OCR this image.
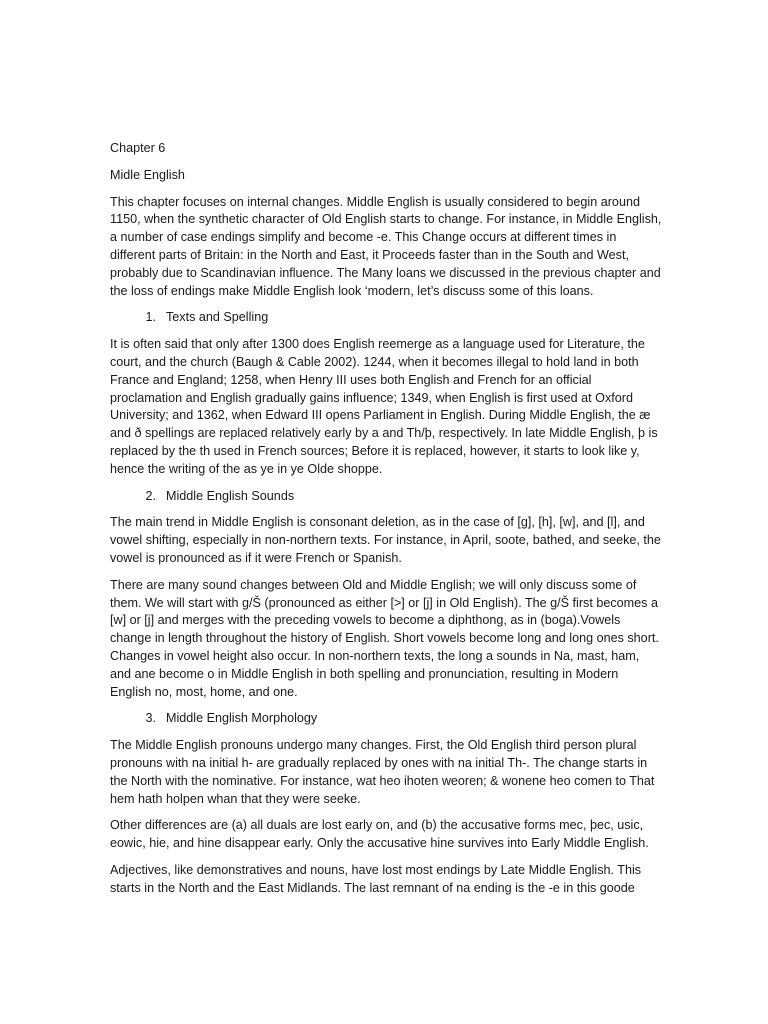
Chapter 6

Midle English

This chapter focuses on internal changes. Middle English is usually considered to begin around 1150, when the synthetic character of Old English starts to change. For instance, in Middle English, a number of case endings simplify and become -e. This Change occurs at different times in different parts of Britain: in the North and East, it Proceeds faster than in the South and West, probably due to Scandinavian influence. The Many loans we discussed in the previous chapter and the loss of endings make Middle English look ‘modern, let’s discuss some of this loans.

1. Texts and Spelling

It is often said that only after 1300 does English reemerge as a language used for Literature, the court, and the church (Baugh & Cable 2002). 1244, when it becomes illegal to hold land in both France and England; 1258, when Henry III uses both English and French for an official proclamation and English gradually gains influence; 1349, when English is first used at Oxford University; and 1362, when Edward III opens Parliament in English. During Middle English, the æ and ð spellings are replaced relatively early by a and Th/þ, respectively. In late Middle English, þ is replaced by the th used in French sources; Before it is replaced, however, it starts to look like y, hence the writing of the as ye in ye Olde shoppe.

2. Middle English Sounds

The main trend in Middle English is consonant deletion, as in the case of [g], [h], [w], and [l], and vowel shifting, especially in non-northern texts. For instance, in April, soote, bathed, and seeke, the vowel is pronounced as if it were French or Spanish.

There are many sound changes between Old and Middle English; we will only discuss some of them. We will start with g/Š (pronounced as either [>] or [j] in Old English). The g/Š first becomes a [w] or [j] and merges with the preceding vowels to become a diphthong, as in (boga).Vowels change in length throughout the history of English. Short vowels become long and long ones short. Changes in vowel height also occur. In non-northern texts, the long a sounds in Na, mast, ham, and ane become o in Middle English in both spelling and pronunciation, resulting in Modern English no, most, home, and one.

3. Middle English Morphology

The Middle English pronouns undergo many changes. First, the Old English third person plural pronouns with na initial h- are gradually replaced by ones with na initial Th-. The change starts in the North with the nominative. For instance, wat heo ihoten weoren; & wonene heo comen to That hem hath holpen whan that they were seeke.

Other differences are (a) all duals are lost early on, and (b) the accusative forms mec, þec, usic, eowic, hie, and hine disappear early. Only the accusative hine survives into Early Middle English.

Adjectives, like demonstratives and nouns, have lost most endings by Late Middle English. This starts in the North and the East Midlands. The last remnant of na ending is the -e in this goode
